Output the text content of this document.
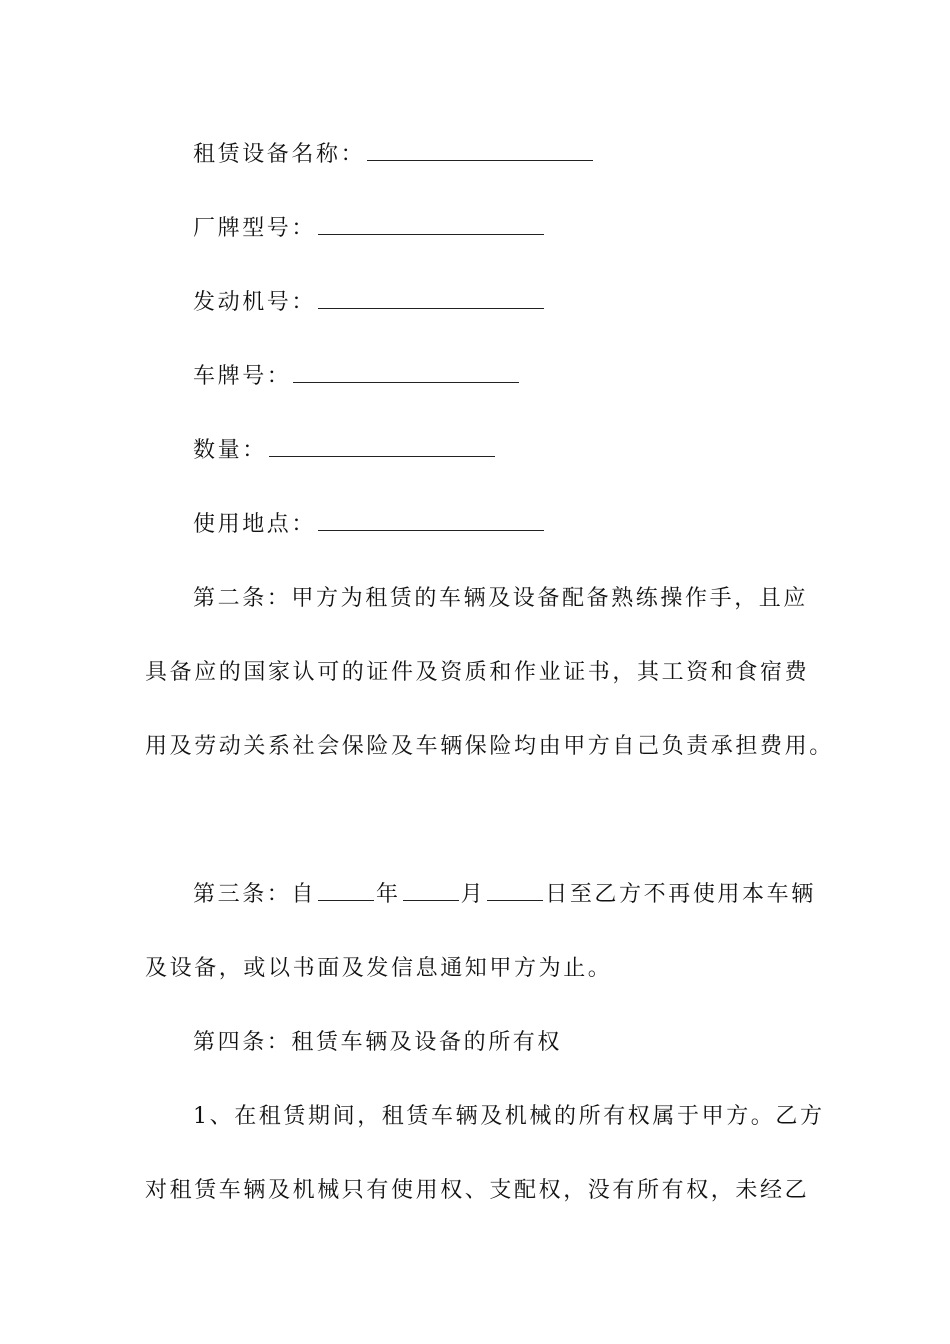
租赁设备名称：
厂牌型号：
发动机号：
车牌号：
数量：
使用地点：
第二条：甲方为租赁的车辆及设备配备熟练操作手，且应
具备应的国家认可的证件及资质和作业证书，其工资和食宿费
用及劳动关系社会保险及车辆保险均由甲方自己负责承担费用。
第三条：自	年	月	日至乙方不再使用本车辆
及设备，或以书面及发信息通知甲方为止。
第四条：租赁车辆及设备的所有权
1、在租赁期间，租赁车辆及机械的所有权属于甲方。乙方
对租赁车辆及机械只有使用权、支配权，没有所有权，未经乙
